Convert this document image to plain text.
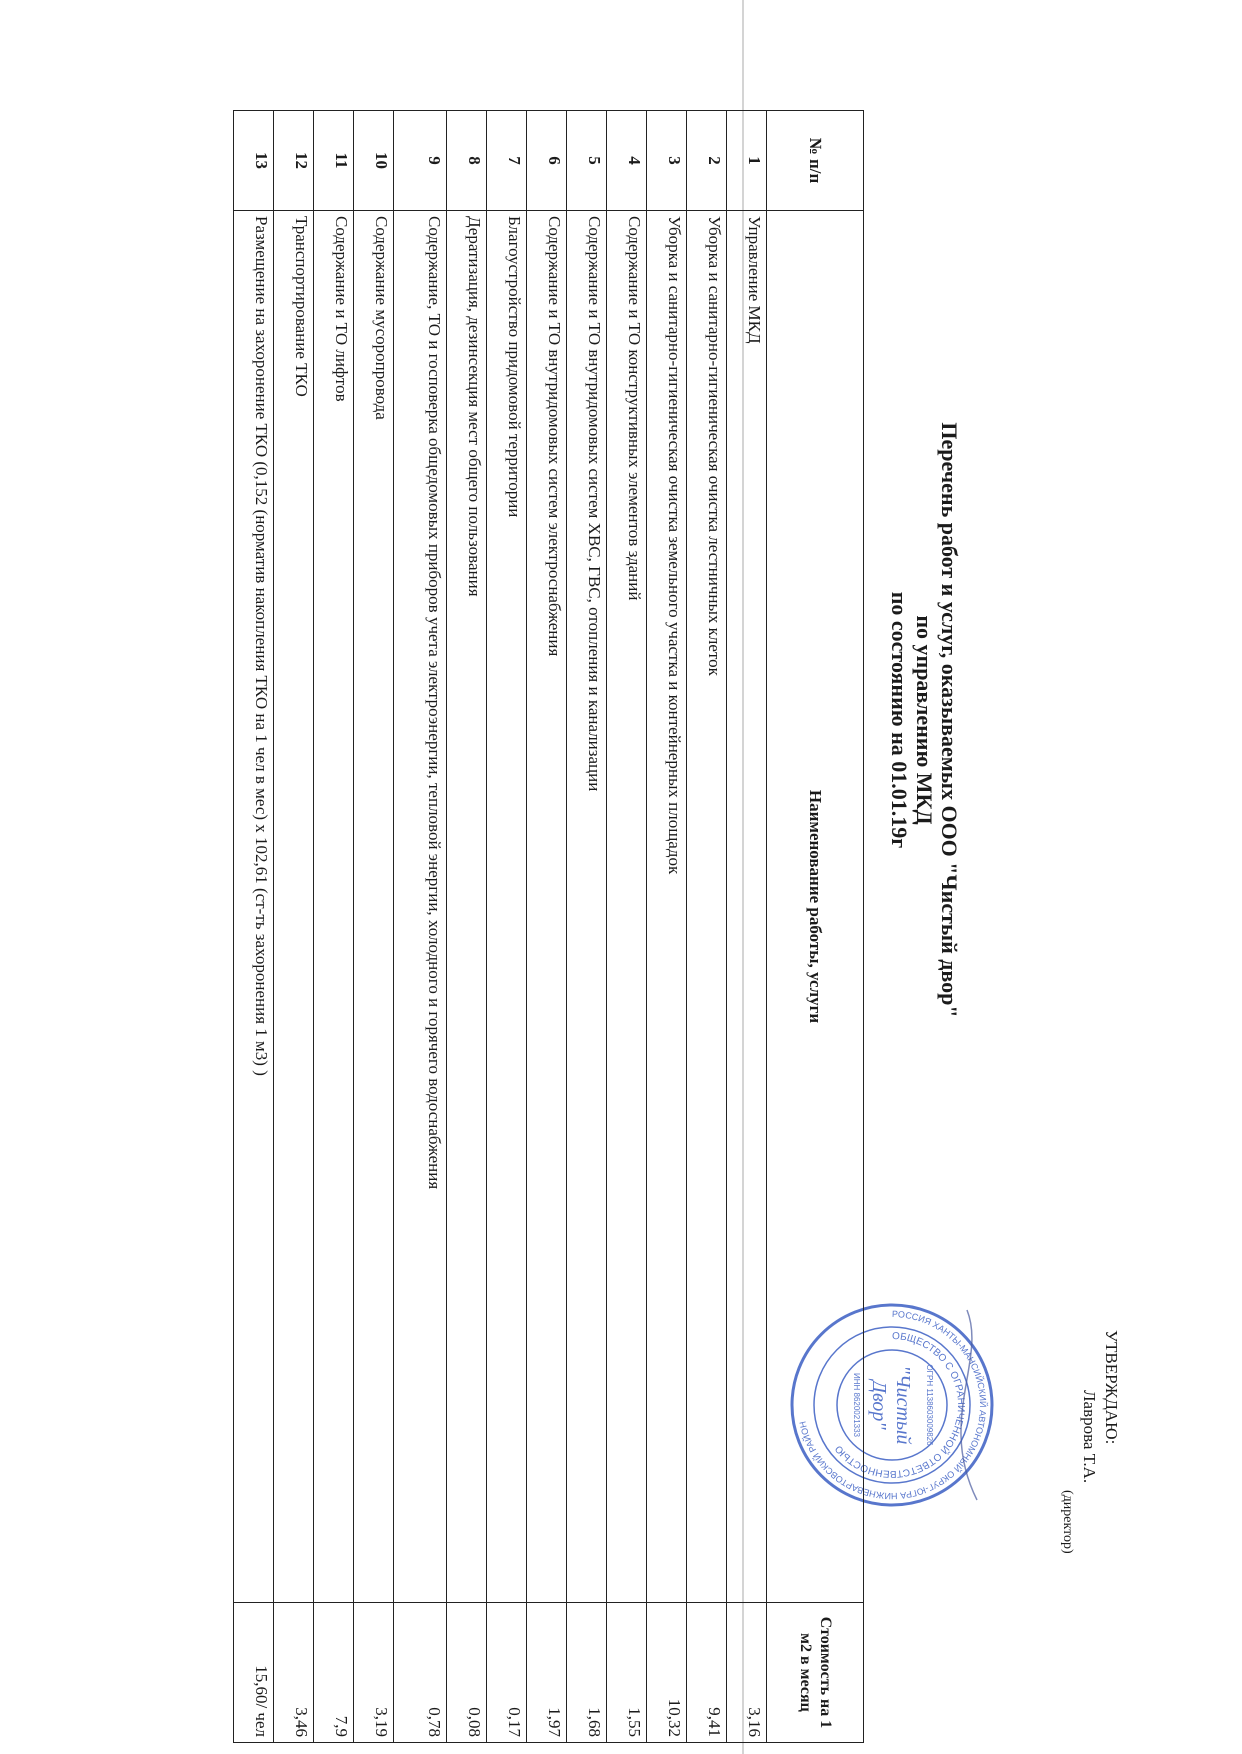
УТВЕРЖДАЮ:
Лаврова Т.А.
(директор)
РОССИЯ ХАНТЫ-МАНСИЙСКИЙ АВТОНОМНЫЙ ОКРУГ-ЮГРА НИЖНЕВАРТОВСКИЙ РАЙОН
ОБЩЕСТВО С ОГРАНИЧЕННОЙ ОТВЕТСТВЕННОСТЬЮ
"Чистый
Двор"
ИНН 8620021333	ОГРН 1138603009826
Перечень работ и услуг, оказываемых ООО "Чистый двор"
по управлению МКД
по состоянию на 01.01.19г
№ п/п	Наименование работы, услуги	Стоимость на 1 м2 в месяц
1	Управление МКД	3,16
2	Уборка и санитарно-гигиеническая очистка лестничных клеток	9,41
3	Уборка и санитарно-гигиеническая очистка земельного участка и контейнерных площадок	10,32
4	Содержание и ТО конструктивных элементов зданий	1,55
5	Содержание и ТО внутридомовых систем ХВС, ГВС, отопления и канализации	1,68
6	Содержание и ТО внутридомовых систем электроснабжения	1,97
7	Благоустройство придомовой территории	0,17
8	Дератизация, дезинсекция мест общего пользования	0,08
9	Содержание, ТО и госповерка общедомовых приборов учета электроэнергии, тепловой энергии, холодного и горячего водоснабжения	0,78
10	Содержание мусоропровода	3,19
11	Содержание и ТО лифтов	7,9
12	Транспортирование ТКО	3,46
13	Размещение на захоронение ТКО (0,152 (норматив накопления ТКО на 1 чел в мес) х 102,61 (ст-ть захоронения 1 м3) )	15,60/ чел
